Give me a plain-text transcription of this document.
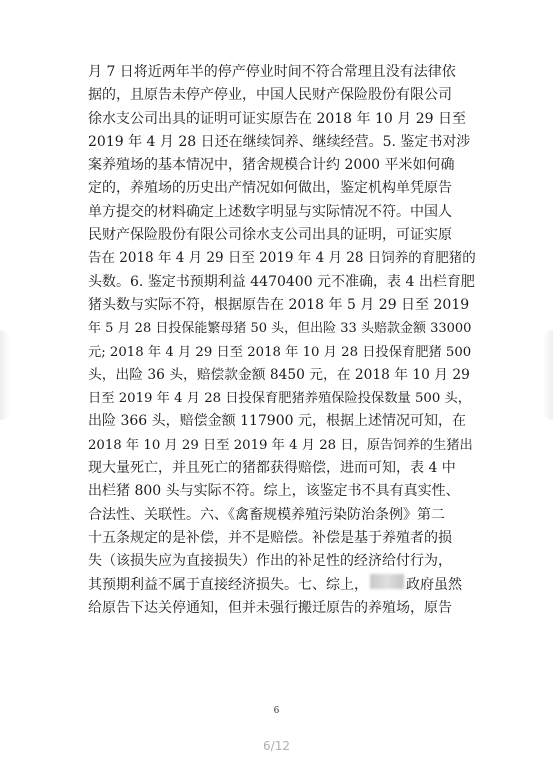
月 7 日将近两年半的停产停业时间不符合常理且没有法律依
据的，且原告未停产停业，中国人民财产保险股份有限公司
徐水支公司出具的证明可证实原告在 2018 年 10 月 29 日至
2019 年 4 月 28 日还在继续饲养、继续经营。5. 鉴定书对涉
案养殖场的基本情况中，猪舍规模合计约 2000 平米如何确
定的，养殖场的历史出产情况如何做出，鉴定机构单凭原告
单方提交的材料确定上述数字明显与实际情况不符。中国人
民财产保险股份有限公司徐水支公司出具的证明，可证实原
告在 2018 年 4 月 29 日至 2019 年 4 月 28 日饲养的育肥猪的
头数。6. 鉴定书预期利益 4470400 元不准确，表 4 出栏育肥
猪头数与实际不符，根据原告在 2018 年 5 月 29 日至 2019
年 5 月 28 日投保能繁母猪 50 头，但出险 33 头赔款金额 33000
元; 2018 年 4 月 29 日至 2018 年 10 月 28 日投保育肥猪 500
头，出险 36 头，赔偿款金额 8450 元，在 2018 年 10 月 29
日至 2019 年 4 月 28 日投保育肥猪养殖保险投保数量 500 头，
出险 366 头，赔偿金额 117900 元，根据上述情况可知，在
2018 年 10 月 29 日至 2019 年 4 月 28 日，原告饲养的生猪出
现大量死亡，并且死亡的猪都获得赔偿，进而可知，表 4 中
出栏猪 800 头与实际不符。综上，该鉴定书不具有真实性、
合法性、关联性。六、《禽畜规模养殖污染防治条例》第二
十五条规定的是补偿，并不是赔偿。补偿是基于养殖者的损
失（该损失应为直接损失）作出的补足性的经济给付行为，
其预期利益不属于直接经济损失。七、综上，	政府虽然
给原告下达关停通知，但并未强行搬迁原告的养殖场，原告
6
6/12
